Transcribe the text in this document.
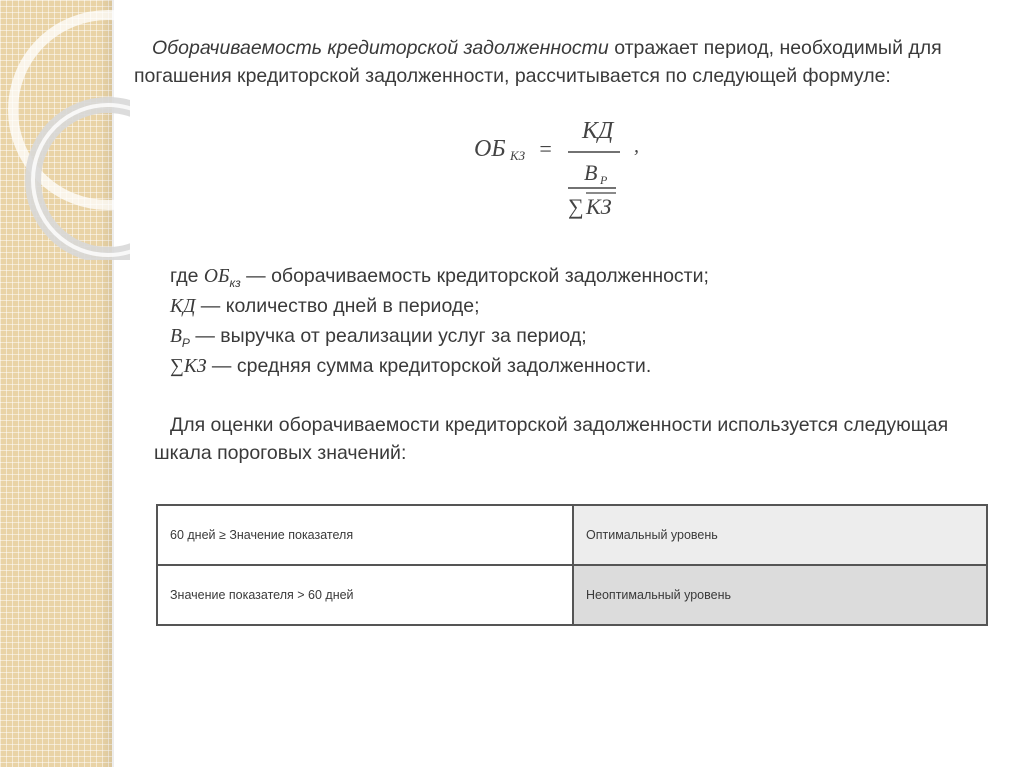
Оборачиваемость кредиторской задолженности отражает период, необходимый для
погашения кредиторской задолженности, рассчитывается по следующей формуле:
ОБ КЗ =
КД
,
В Р
∑ КЗ
где $ОБ_{кз}$ — оборачиваемость кредиторской задолженности;
КД — количество дней в периоде;
$В_Р$ — выручка от реализации услуг за период;
∑КЗ — средняя сумма кредиторской задолженности.
Для оценки оборачиваемости кредиторской задолженности используется следующая
шкала пороговых значений:
60 дней ≥ Значение показателя	Оптимальный уровень
Значение показателя > 60 дней	Неоптимальный уровень
